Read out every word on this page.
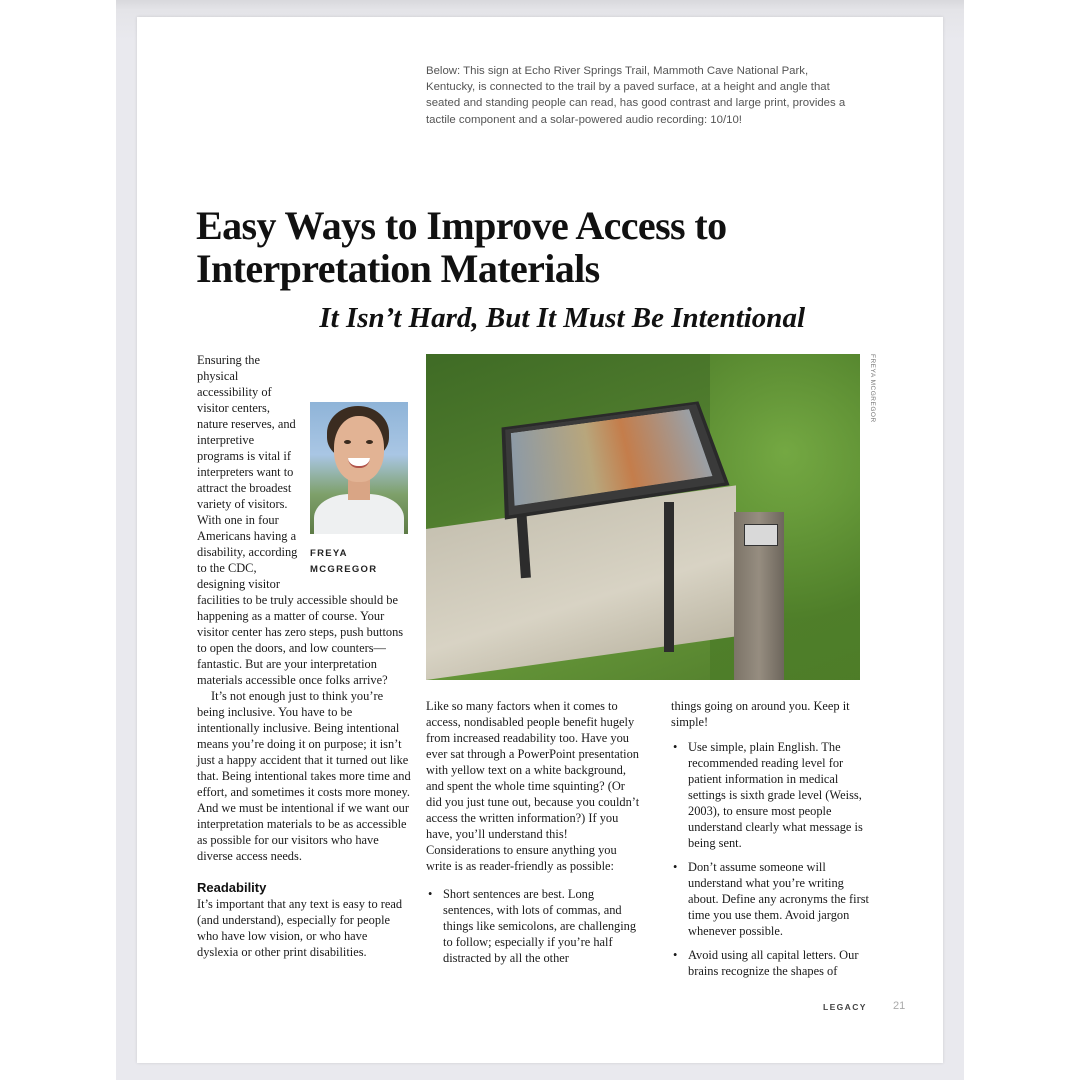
Below: This sign at Echo River Springs Trail, Mammoth Cave National Park, Kentucky, is connected to the trail by a paved surface, at a height and angle that seated and standing people can read, has good contrast and large print, provides a tactile component and a solar-powered audio recording: 10/10!
Easy Ways to Improve Access to Interpretation Materials
It Isn’t Hard, But It Must Be Intentional
FREYA MCGREGOR

Ensuring the physical accessibility of visitor centers, nature reserves, and interpretive programs is vital if interpreters want to attract the broadest variety of visitors. With one in four Americans having a disability, according to the CDC, designing visitor facilities to be truly accessible should be happening as a matter of course. Your visitor center has zero steps, push buttons to open the doors, and low counters—fantastic. But are your interpretation materials accessible once folks arrive?

It’s not enough just to think you’re being inclusive. You have to be intentionally inclusive. Being intentional means you’re doing it on purpose; it isn’t just a happy accident that it turned out like that. Being intentional takes more time and effort, and sometimes it costs more money. And we must be intentional if we want our interpretation materials to be as accessible as possible for our visitors who have diverse access needs.

Readability

It’s important that any text is easy to read (and understand), especially for people who have low vision, or who have dyslexia or other print disabilities.

FREYA MCGREGOR

Like so many factors when it comes to access, nondisabled people benefit hugely from increased readability too. Have you ever sat through a PowerPoint presentation with yellow text on a white background, and spent the whole time squinting? (Or did you just tune out, because you couldn’t access the written information?) If you have, you’ll understand this! Considerations to ensure anything you write is as reader-friendly as possible:

• Short sentences are best. Long sentences, with lots of commas, and things like semicolons, are challenging to follow; especially if you’re half distracted by all the other

things going on around you. Keep it simple!

• Use simple, plain English. The recommended reading level for patient information in medical settings is sixth grade level (Weiss, 2003), to ensure most people understand clearly what message is being sent.
• Don’t assume someone will understand what you’re writing about. Define any acronyms the first time you use them. Avoid jargon whenever possible.
• Avoid using all capital letters. Our brains recognize the shapes of
LEGACY 21
